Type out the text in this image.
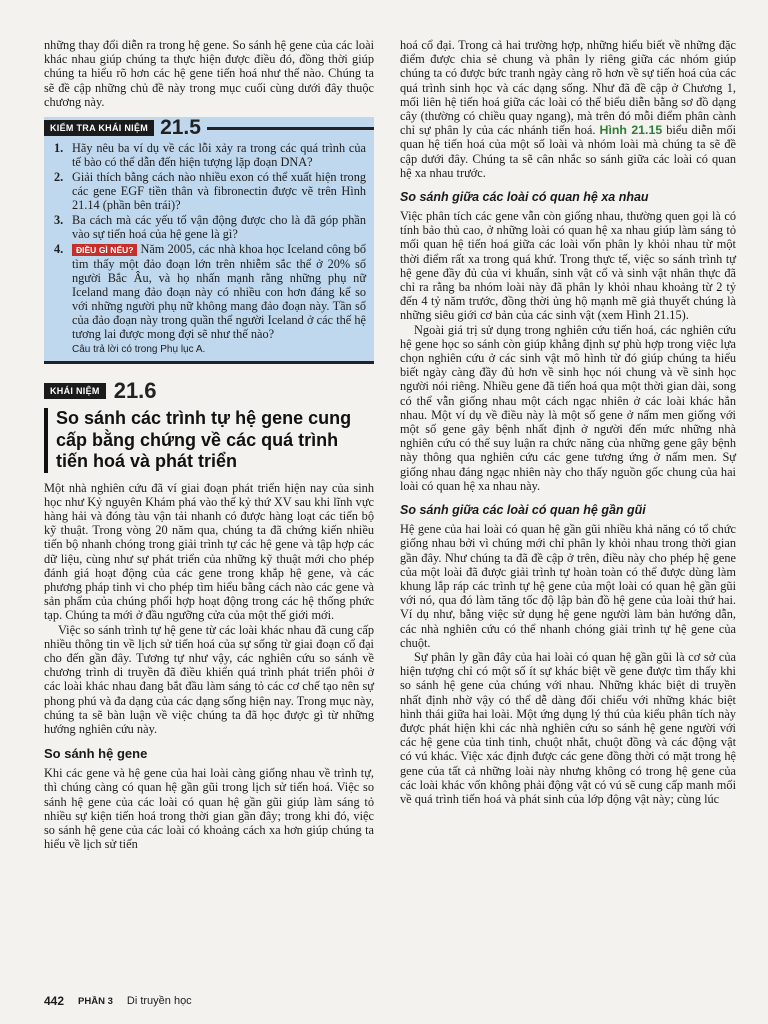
những thay đổi diễn ra trong hệ gene. So sánh hệ gene của các loài khác nhau giúp chúng ta thực hiện được điều đó, đồng thời giúp chúng ta hiểu rõ hơn các hệ gene tiến hoá như thế nào. Chúng ta sẽ đề cập những chủ đề này trong mục cuối cùng dưới đây thuộc chương này.

KIỂM TRA KHÁI NIỆM 21.5
1. Hãy nêu ba ví dụ về các lỗi xảy ra trong các quá trình của tế bào có thể dẫn đến hiện tượng lặp đoạn DNA?
2. Giải thích bằng cách nào nhiều exon có thể xuất hiện trong các gene EGF tiền thân và fibronectin được vẽ trên Hình 21.14 (phần bên trái)?
3. Ba cách mà các yếu tố vận động được cho là đã góp phần vào sự tiến hoá của hệ gene là gì?
4.	ĐIỀU GÌ NẾU? Năm 2005, các nhà khoa học Iceland công bố tìm thấy một đảo đoạn lớn trên nhiễm sắc thể ở 20% số người Bắc Âu, và họ nhấn mạnh rằng những phụ nữ Iceland mang đảo đoạn này có nhiều con hơn đáng kể so với những người phụ nữ không mang đảo đoạn này. Tần số của đảo đoạn này trong quần thể người Iceland ở các thế hệ tương lai được mong đợi sẽ như thế nào?
Câu trả lời có trong Phụ lục A.
KHÁI NIỆM 21.6
So sánh các trình tự hệ gene cung cấp bằng chứng về các quá trình tiến hoá và phát triển

Một nhà nghiên cứu đã ví giai đoạn phát triển hiện nay của sinh học như Kỷ nguyên Khám phá vào thế kỷ thứ XV sau khi lĩnh vực hàng hải và đóng tàu vận tải nhanh có được hàng loạt các tiến bộ kỹ thuật. Trong vòng 20 năm qua, chúng ta đã chứng kiến nhiều tiến bộ nhanh chóng trong giải trình tự các hệ gene và tập hợp các dữ liệu, cùng như sự phát triển của những kỹ thuật mới cho phép đánh giá hoạt động của các gene trong khắp hệ gene, và các phương pháp tinh vi cho phép tìm hiểu bằng cách nào các gene và sản phẩm của chúng phối hợp hoạt động trong các hệ thống phức tạp. Chúng ta mới ở đầu ngưỡng cửa của một thế giới mới.

Việc so sánh trình tự hệ gene từ các loài khác nhau đã cung cấp nhiều thông tin về lịch sử tiến hoá của sự sống từ giai đoạn cổ đại cho đến gần đây. Tương tự như vậy, các nghiên cứu so sánh về chương trình di truyền đã điều khiển quá trình phát triển phôi ở các loài khác nhau đang bắt đầu làm sáng tỏ các cơ chế tạo nên sự phong phú và đa dạng của các dạng sống hiện nay. Trong mục này, chúng ta sẽ bàn luận về việc chúng ta đã học được gì từ những hướng nghiên cứu này.

So sánh hệ gene

Khi các gene và hệ gene của hai loài càng giống nhau về trình tự, thì chúng càng có quan hệ gần gũi trong lịch sử tiến hoá. Việc so sánh hệ gene của các loài có quan hệ gần gũi giúp làm sáng tỏ nhiều sự kiện tiến hoá trong thời gian gần đây; trong khi đó, việc so sánh hệ gene của các loài có khoảng cách xa hơn giúp chúng ta hiểu về lịch sử tiến

hoá cổ đại. Trong cả hai trường hợp, những hiểu biết về những đặc điểm được chia sẻ chung và phân ly riêng giữa các nhóm giúp chúng ta có được bức tranh ngày càng rõ hơn về sự tiến hoá của các quá trình sinh học và các dạng sống. Như đã đề cập ở Chương 1, mối liên hệ tiến hoá giữa các loài có thể biểu diễn bằng sơ đồ dạng cây (thường có chiều quay ngang), mà trên đó mỗi điểm phân cành chỉ sự phân ly của các nhánh tiến hoá. Hình 21.15 biểu diễn mối quan hệ tiến hoá của một số loài và nhóm loài mà chúng ta sẽ đề cập dưới đây. Chúng ta sẽ cân nhắc so sánh giữa các loài có quan hệ xa nhau trước.

So sánh giữa các loài có quan hệ xa nhau

Việc phân tích các gene vẫn còn giống nhau, thường quen gọi là có tính bảo thủ cao, ở những loài có quan hệ xa nhau giúp làm sáng tỏ mối quan hệ tiến hoá giữa các loài vốn phân ly khỏi nhau từ một thời điểm rất xa trong quá khứ. Trong thực tế, việc so sánh trình tự hệ gene đầy đủ của vi khuẩn, sinh vật cổ và sinh vật nhân thực đã chỉ ra rằng ba nhóm loài này đã phân ly khỏi nhau khoảng từ 2 tỷ đến 4 tỷ năm trước, đồng thời ủng hộ mạnh mẽ giả thuyết chúng là những siêu giới cơ bản của các sinh vật (xem Hình 21.15).

Ngoài giá trị sử dụng trong nghiên cứu tiến hoá, các nghiên cứu hệ gene học so sánh còn giúp khẳng định sự phù hợp trong việc lựa chọn nghiên cứu ở các sinh vật mô hình từ đó giúp chúng ta hiểu biết ngày càng đầy đủ hơn về sinh học nói chung và về sinh học người nói riêng. Nhiều gene đã tiến hoá qua một thời gian dài, song có thể vẫn giống nhau một cách ngạc nhiên ở các loài khác hẳn nhau. Một ví dụ về điều này là một số gene ở nấm men giống với một số gene gây bệnh nhất định ở người đến mức những nhà nghiên cứu có thể suy luận ra chức năng của những gene gây bệnh này thông qua nghiên cứu các gene tương ứng ở nấm men. Sự giống nhau đáng ngạc nhiên này cho thấy nguồn gốc chung của hai loài có quan hệ xa nhau này.

So sánh giữa các loài có quan hệ gần gũi

Hệ gene của hai loài có quan hệ gần gũi nhiều khả năng có tổ chức giống nhau bởi vì chúng mới chỉ phân ly khỏi nhau trong thời gian gần đây. Như chúng ta đã đề cập ở trên, điều này cho phép hệ gene của một loài đã được giải trình tự hoàn toàn có thể được dùng làm khung lắp ráp các trình tự hệ gene của một loài có quan hệ gần gũi với nó, qua đó làm tăng tốc độ lập bản đồ hệ gene của loài thứ hai. Ví dụ như, bằng việc sử dụng hệ gene người làm bản hướng dẫn, các nhà nghiên cứu có thể nhanh chóng giải trình tự hệ gene của chuột.

Sự phân ly gần đây của hai loài có quan hệ gần gũi là cơ sở của hiện tượng chỉ có một số ít sự khác biệt về gene được tìm thấy khi so sánh hệ gene của chúng với nhau. Những khác biệt di truyền nhất định nhờ vậy có thể dễ dàng đối chiếu với những khác biệt hình thái giữa hai loài. Một ứng dụng lý thú của kiểu phân tích này được phát hiện khi các nhà nghiên cứu so sánh hệ gene người với các hệ gene của tinh tinh, chuột nhắt, chuột đồng và các động vật có vú khác. Việc xác định được các gene đồng thời có mặt trong hệ gene của tất cả những loài này nhưng không có trong hệ gene của các loài khác vốn không phải động vật có vú sẽ cung cấp manh mối về quá trình tiến hoá và phát sinh của lớp động vật này; cùng lúc

442 PHẦN 3 Di truyền học
